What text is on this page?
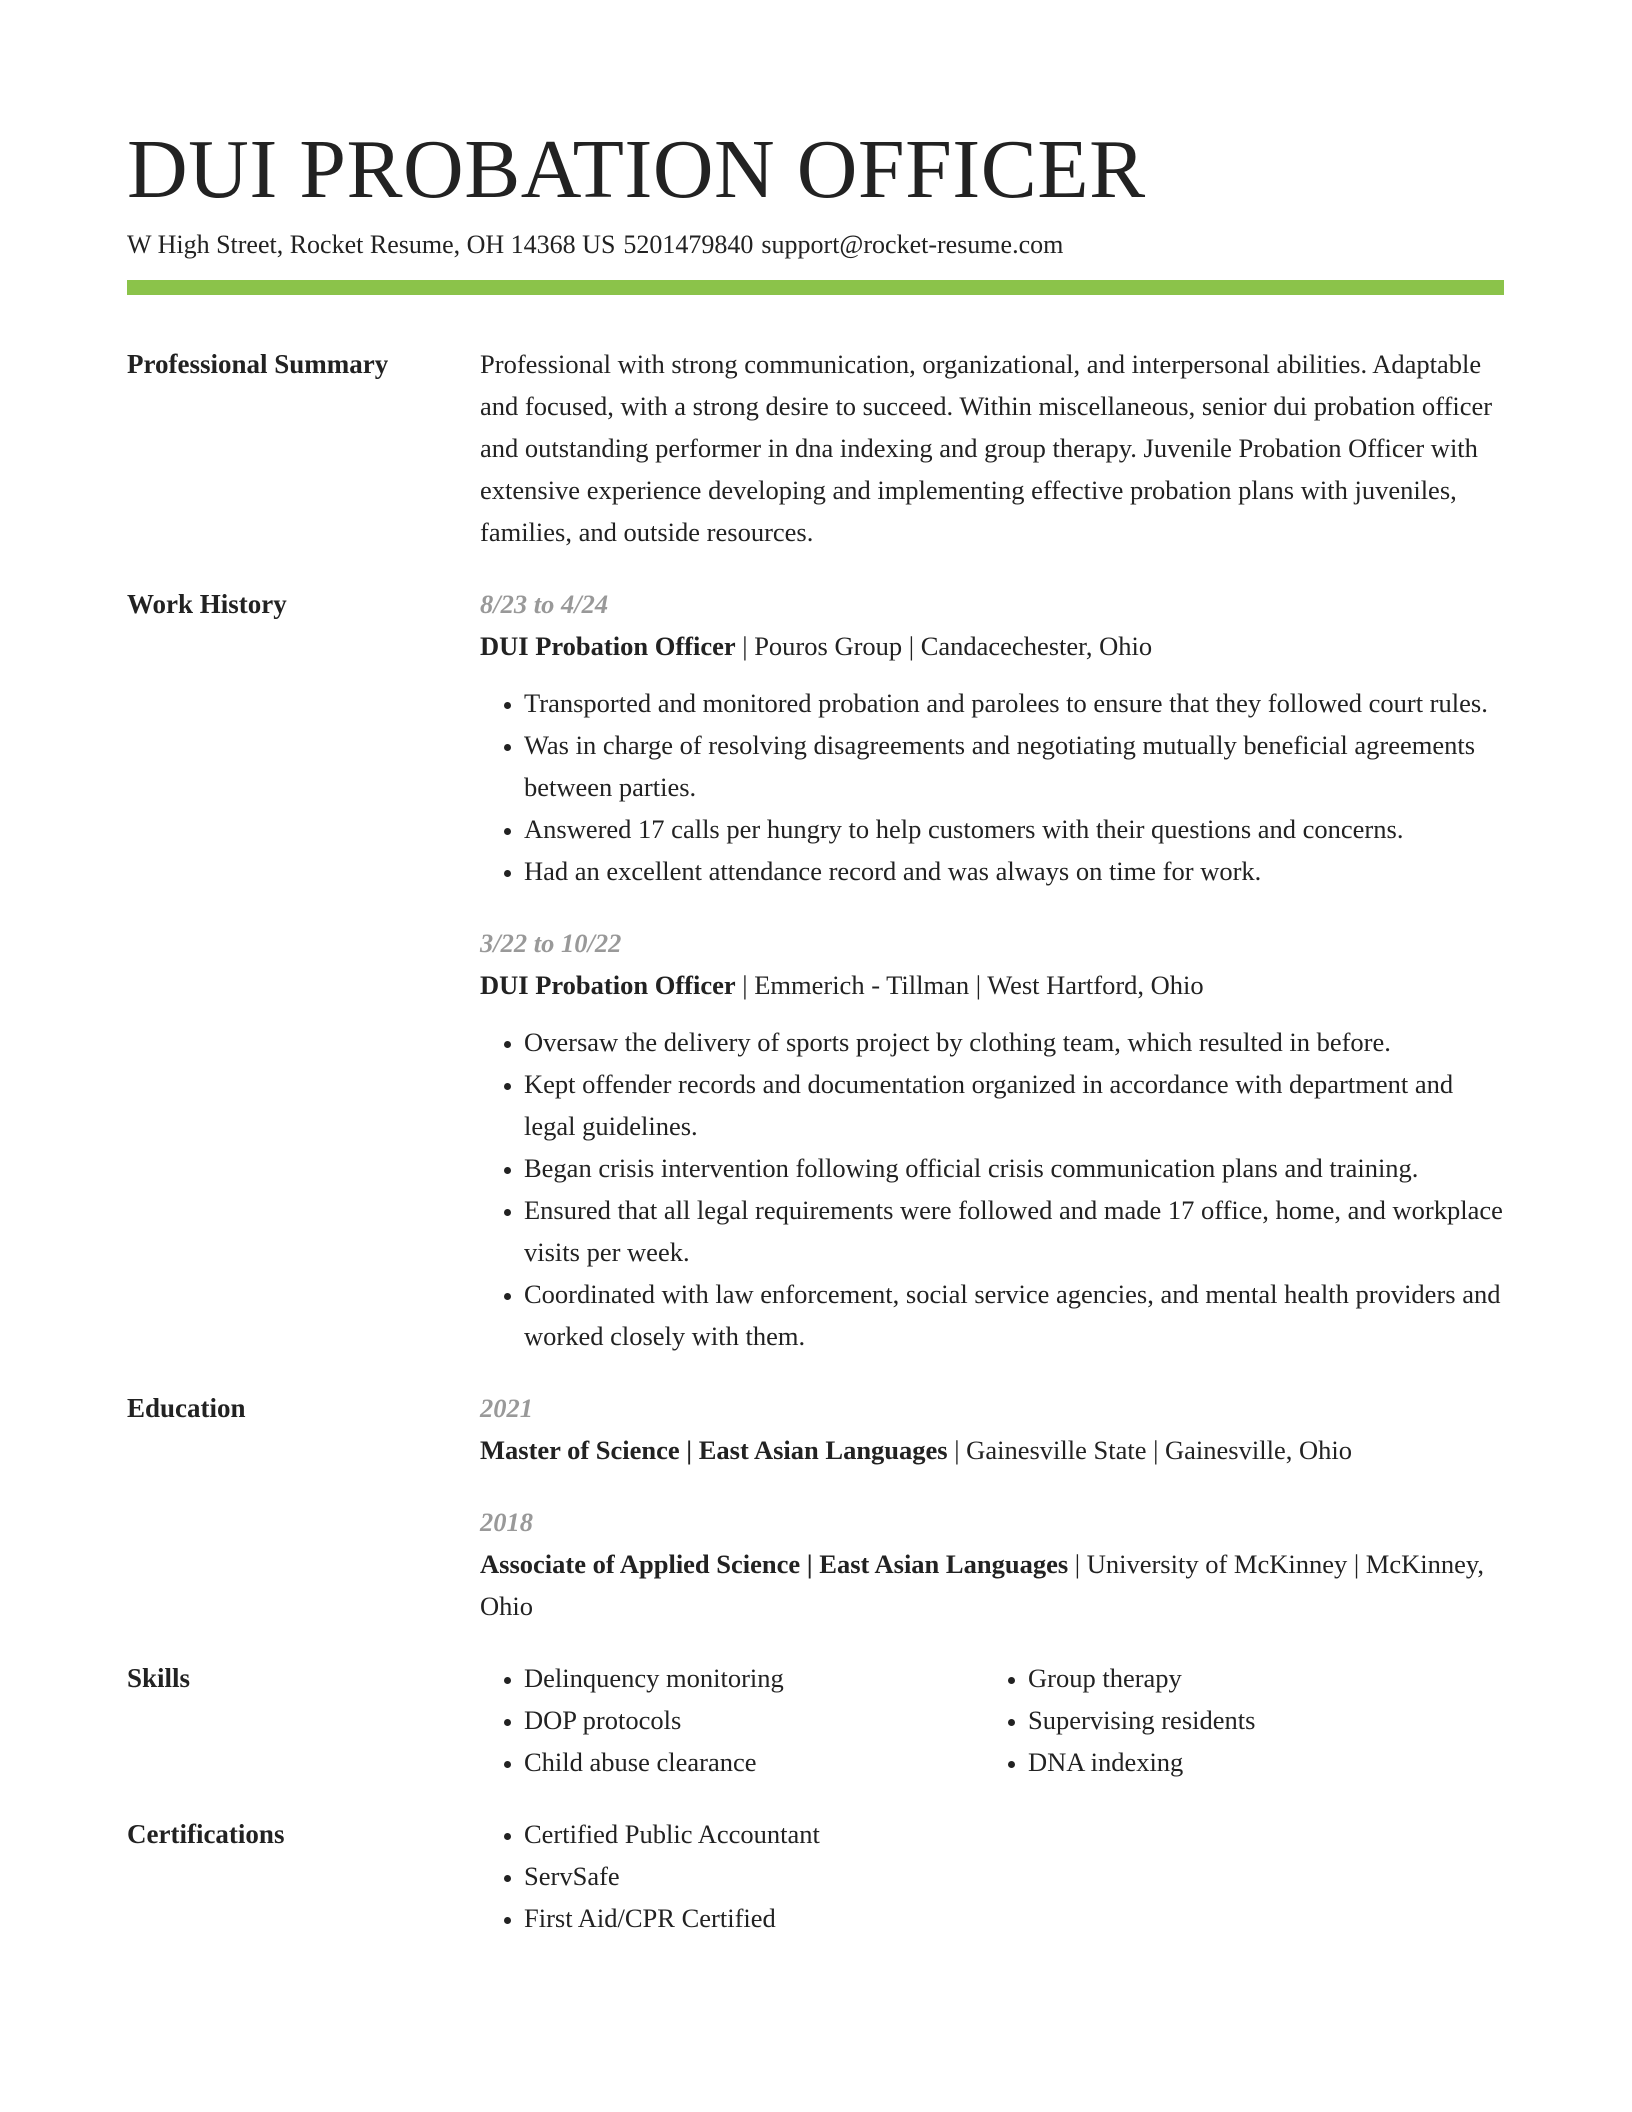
DUI PROBATION OFFICER
W High Street, Rocket Resume, OH 14368 US 5201479840 support@rocket-resume.com
Professional Summary	Professional with strong communication, organizational, and interpersonal abilities. Adaptable and focused, with a strong desire to succeed. Within miscellaneous, senior dui probation officer and outstanding performer in dna indexing and group therapy. Juvenile Probation Officer with extensive experience developing and implementing effective probation plans with juveniles, families, and outside resources.
Work History	8/23 to 4/24
DUI Probation Officer | Pouros Group | Candacechester, Ohio
• Transported and monitored probation and parolees to ensure that they followed court rules.
• Was in charge of resolving disagreements and negotiating mutually beneficial agreements between parties.
• Answered 17 calls per hungry to help customers with their questions and concerns.
• Had an excellent attendance record and was always on time for work.
3/22 to 10/22
DUI Probation Officer | Emmerich - Tillman | West Hartford, Ohio
• Oversaw the delivery of sports project by clothing team, which resulted in before.
• Kept offender records and documentation organized in accordance with department and legal guidelines.
• Began crisis intervention following official crisis communication plans and training.
• Ensured that all legal requirements were followed and made 17 office, home, and workplace visits per week.
• Coordinated with law enforcement, social service agencies, and mental health providers and worked closely with them.
Education	2021
Master of Science | East Asian Languages | Gainesville State | Gainesville, Ohio
2018
Associate of Applied Science | East Asian Languages | University of McKinney | McKinney, Ohio
Skills	• Delinquency monitoring
• DOP protocols
• Child abuse clearance
• Group therapy
• Supervising residents
• DNA indexing
Certifications	• Certified Public Accountant
• ServSafe
• First Aid/CPR Certified
